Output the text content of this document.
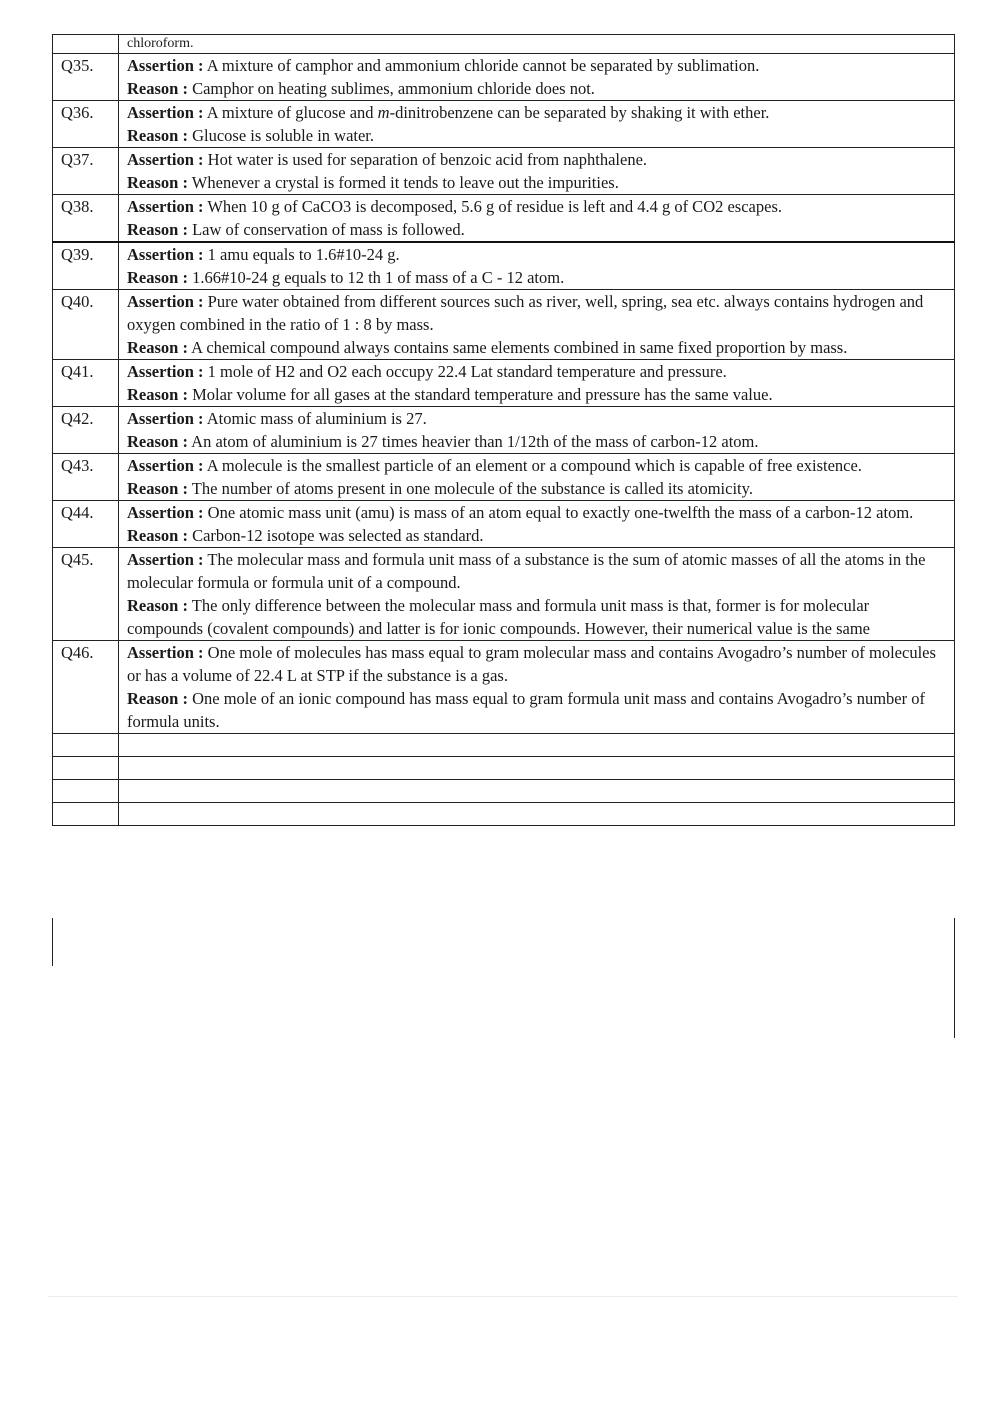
	chloroform.
Q35.	Assertion : A mixture of camphor and ammonium chloride cannot be separated by sublimation.
Reason : Camphor on heating sublimes, ammonium chloride does not.

Q36.	Assertion : A mixture of glucose and m-dinitrobenzene can be separated by shaking it with ether.
Reason : Glucose is soluble in water.

Q37.	Assertion : Hot water is used for separation of benzoic acid from naphthalene.
Reason : Whenever a crystal is formed it tends to leave out the impurities.

Q38.	Assertion : When 10 g of CaCO3 is decomposed, 5.6 g of residue is left and 4.4 g of CO2 escapes.
Reason : Law of conservation of mass is followed.

Q39.	Assertion : 1 amu equals to 1.6#10-24 g.
Reason : 1.66#10-24 g equals to 12 th 1 of mass of a C - 12 atom.

Q40.	Assertion : Pure water obtained from different sources such as river, well, spring, sea etc. always contains hydrogen and oxygen combined in the ratio of 1 : 8 by mass.
Reason : A chemical compound always contains same elements combined in same fixed proportion by mass.

Q41.	Assertion : 1 mole of H2 and O2 each occupy 22.4 Lat standard temperature and pressure.
Reason : Molar volume for all gases at the standard temperature and pressure has the same value.

Q42.	Assertion : Atomic mass of aluminium is 27.
Reason : An atom of aluminium is 27 times heavier than 1/12th of the mass of carbon-12 atom.

Q43.	Assertion : A molecule is the smallest particle of an element or a compound which is capable of free existence.
Reason : The number of atoms present in one molecule of the substance is called its atomicity.

Q44.	Assertion : One atomic mass unit (amu) is mass of an atom equal to exactly one-twelfth the mass of a carbon-12 atom.
Reason : Carbon-12 isotope was selected as standard.

Q45.	Assertion : The molecular mass and formula unit mass of a substance is the sum of atomic masses of all the atoms in the molecular formula or formula unit of a compound.
Reason : The only difference between the molecular mass and formula unit mass is that, former is for molecular compounds (covalent compounds) and latter is for ionic compounds. However, their numerical value is the same

Q46.	Assertion : One mole of molecules has mass equal to gram molecular mass and contains Avogadro’s number of molecules or has a volume of 22.4 L at STP if the substance is a gas.
Reason : One mole of an ionic compound has mass equal to gram formula unit mass and contains Avogadro’s number of formula units.
